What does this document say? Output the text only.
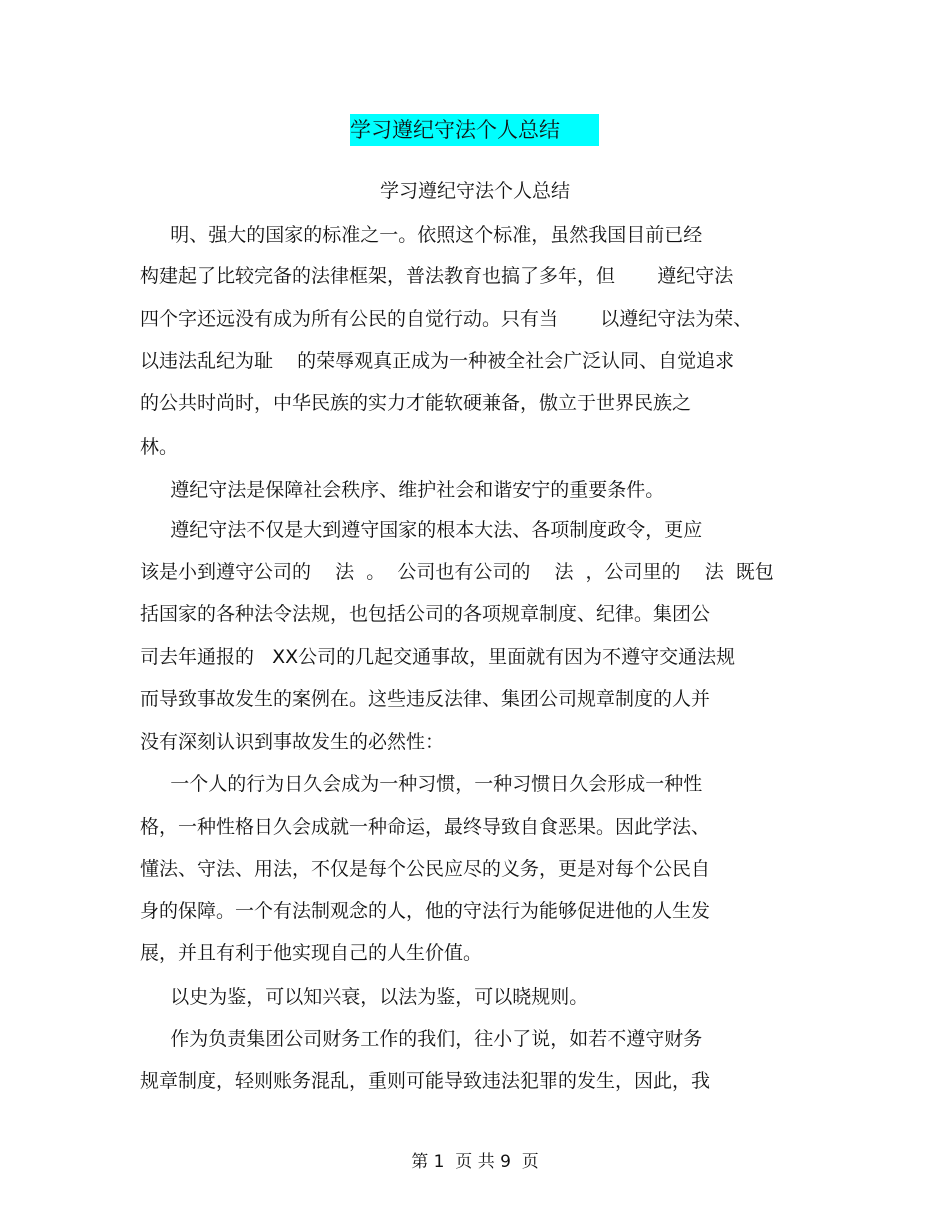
学习遵纪守法个人总结
学习遵纪守法个人总结
明、强大的国家的标准之一。依照这个标准，虽然我国目前已经
构建起了比较完备的法律框架，普法教育也搞了多年，但       遵纪守法
四个字还远没有成为所有公民的自觉行动。只有当       以遵纪守法为荣、
以违法乱纪为耻    的荣辱观真正成为一种被全社会广泛认同、自觉追求
的公共时尚时，中华民族的实力才能软硬兼备，傲立于世界民族之
林。
遵纪守法是保障社会秩序、维护社会和谐安宁的重要条件。
遵纪守法不仅是大到遵守国家的根本大法、各项制度政令，更应
该是小到遵守公司的    法  。  公司也有公司的    法  ，公司里的    法  既包
括国家的各种法令法规，也包括公司的各项规章制度、纪律。集团公
司去年通报的   XX公司的几起交通事故，里面就有因为不遵守交通法规
而导致事故发生的案例在。这些违反法律、集团公司规章制度的人并
没有深刻认识到事故发生的必然性：
一个人的行为日久会成为一种习惯，一种习惯日久会形成一种性
格，一种性格日久会成就一种命运，最终导致自食恶果。因此学法、
懂法、守法、用法，不仅是每个公民应尽的义务，更是对每个公民自
身的保障。一个有法制观念的人，他的守法行为能够促进他的人生发
展，并且有利于他实现自己的人生价值。
以史为鉴，可以知兴衰，以法为鉴，可以晓规则。
作为负责集团公司财务工作的我们，往小了说，如若不遵守财务
规章制度，轻则账务混乱，重则可能导致违法犯罪的发生，因此，我
第 1  页 共 9  页
